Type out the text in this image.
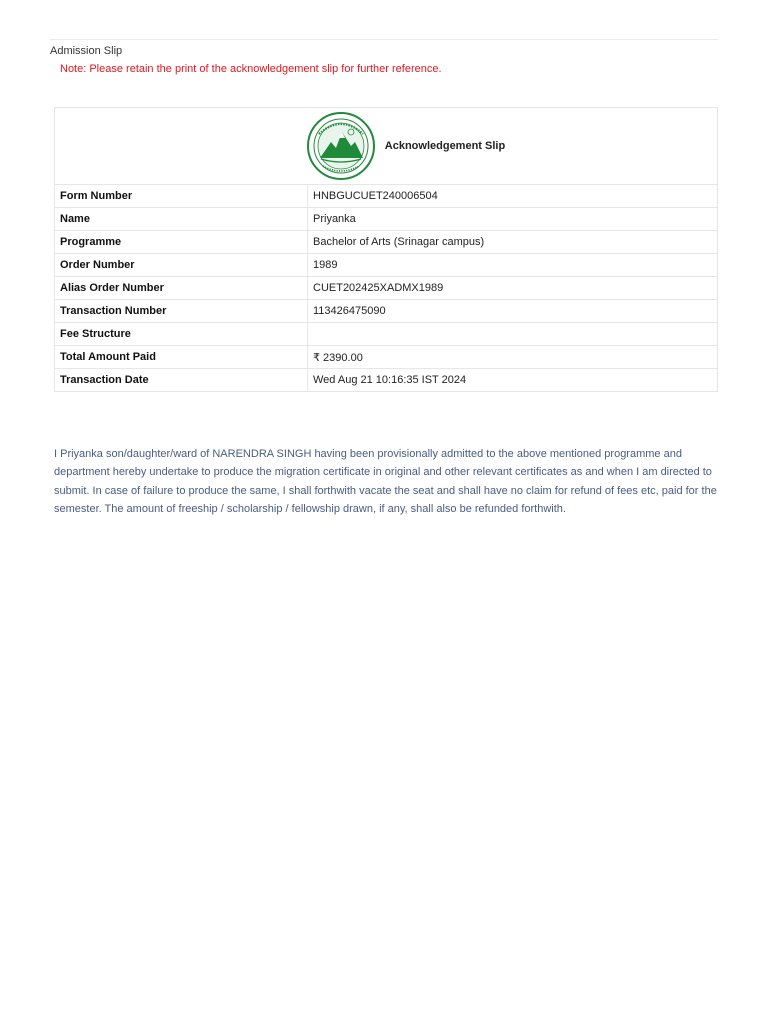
Admission Slip
Note: Please retain the print of the acknowledgement slip for further reference.
Acknowledgement Slip	

Form Number	HNBGUCUET240006504
Name	Priyanka
Programme	Bachelor of Arts (Srinagar campus)
Order Number	1989
Alias Order Number	CUET202425XADMX1989
Transaction Number	113426475090
Fee Structure	
Total Amount Paid	₹ 2390.00
Transaction Date	Wed Aug 21 10:16:35 IST 2024
I Priyanka son/daughter/ward of NARENDRA SINGH having been provisionally admitted to the above mentioned programme and department hereby undertake to produce the migration certificate in original and other relevant certificates as and when I am directed to submit. In case of failure to produce the same, I shall forthwith vacate the seat and shall have no claim for refund of fees etc, paid for the semester. The amount of freeship / scholarship / fellowship drawn, if any, shall also be refunded forthwith.
